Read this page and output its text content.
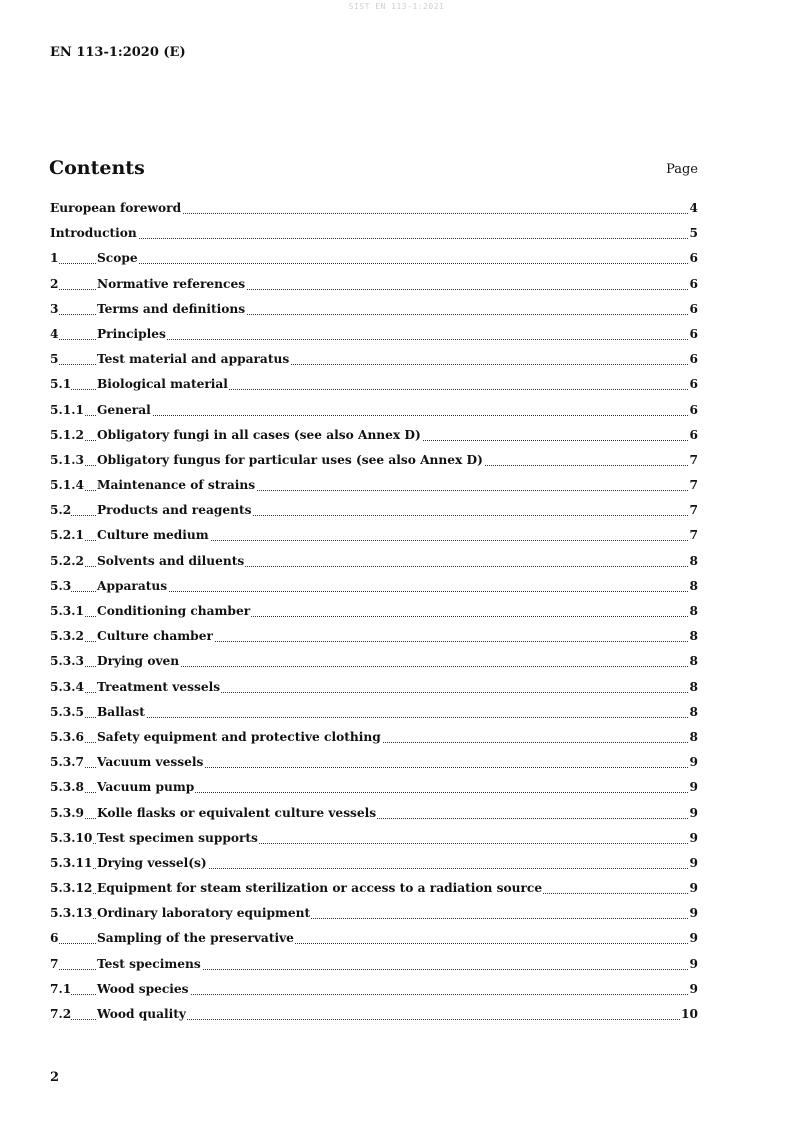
SIST EN 113-1:2021
EN 113-1:2020 (E)
Contents	Page
European foreword	4
Introduction	5
1	Scope	6
2	Normative references	6
3	Terms and definitions	6
4	Principles	6
5	Test material and apparatus	6
5.1 Biological material	6
5.1.1 General	6
5.1.2 Obligatory fungi in all cases (see also Annex D)	6
5.1.3 Obligatory fungus for particular uses (see also Annex D)	7
5.1.4 Maintenance of strains	7
5.2 Products and reagents	7
5.2.1 Culture medium	7
5.2.2 Solvents and diluents	8
5.3 Apparatus	8
5.3.1 Conditioning chamber	8
5.3.2 Culture chamber	8
5.3.3 Drying oven	8
5.3.4 Treatment vessels	8
5.3.5 Ballast	8
5.3.6 Safety equipment and protective clothing	8
5.3.7 Vacuum vessels	9
5.3.8 Vacuum pump	9
5.3.9 Kolle flasks or equivalent culture vessels	9
5.3.10 Test specimen supports	9
5.3.11 Drying vessel(s)	9
5.3.12 Equipment for steam sterilization or access to a radiation source	9
5.3.13 Ordinary laboratory equipment	9
6	Sampling of the preservative	9
7	Test specimens	9
7.1 Wood species	9
7.2 Wood quality	10
2
